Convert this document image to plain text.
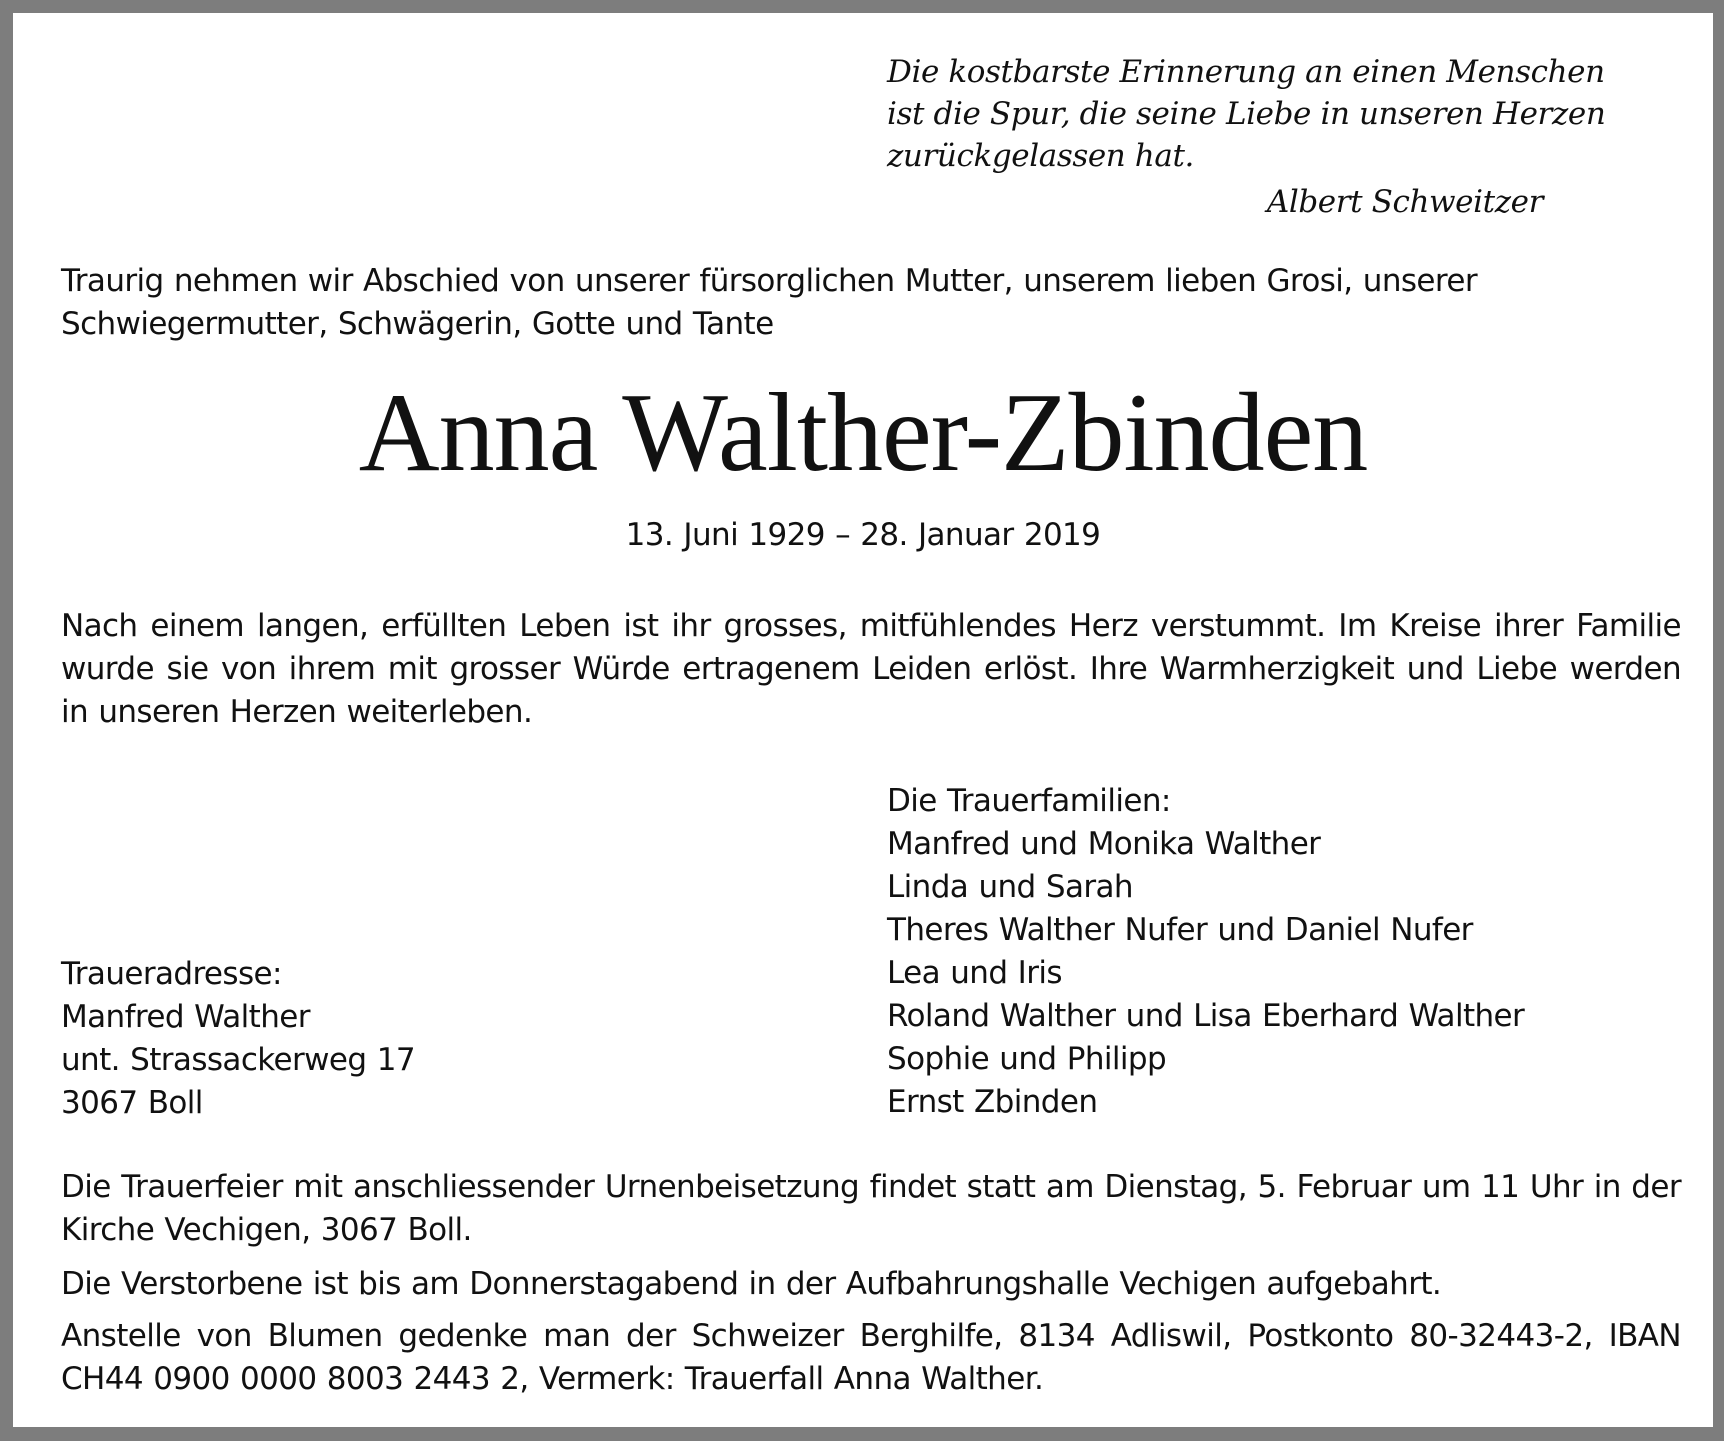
Die kostbarste Erinnerung an einen Menschen
ist die Spur, die seine Liebe in unseren Herzen
zurückgelassen hat.
Albert Schweitzer

Traurig nehmen wir Abschied von unserer fürsorglichen Mutter, unserem lieben Grosi, unserer Schwiegermutter, Schwägerin, Gotte und Tante

Anna Walther-Zbinden
13. Juni 1929 – 28. Januar 2019

Nach einem langen, erfüllten Leben ist ihr grosses, mitfühlendes Herz verstummt. Im Kreise ihrer Familie wurde sie von ihrem mit grosser Würde ertragenem Leiden erlöst. Ihre Warmherzigkeit und Liebe werden in unseren Herzen weiterleben.

Die Trauerfamilien:
Manfred und Monika Walther
Linda und Sarah
Theres Walther Nufer und Daniel Nufer
Lea und Iris
Roland Walther und Lisa Eberhard Walther
Sophie und Philipp
Ernst Zbinden
Traueradresse:
Manfred Walther
unt. Strassackerweg 17
3067 Boll

Die Trauerfeier mit anschliessender Urnenbeisetzung findet statt am Dienstag, 5. Februar um 11 Uhr in der Kirche Vechigen, 3067 Boll.

Die Verstorbene ist bis am Donnerstagabend in der Aufbahrungshalle Vechigen aufgebahrt.

Anstelle von Blumen gedenke man der Schweizer Berghilfe, 8134 Adliswil, Postkonto 80-32443-2, IBAN CH44 0900 0000 8003 2443 2, Vermerk: Trauerfall Anna Walther.
